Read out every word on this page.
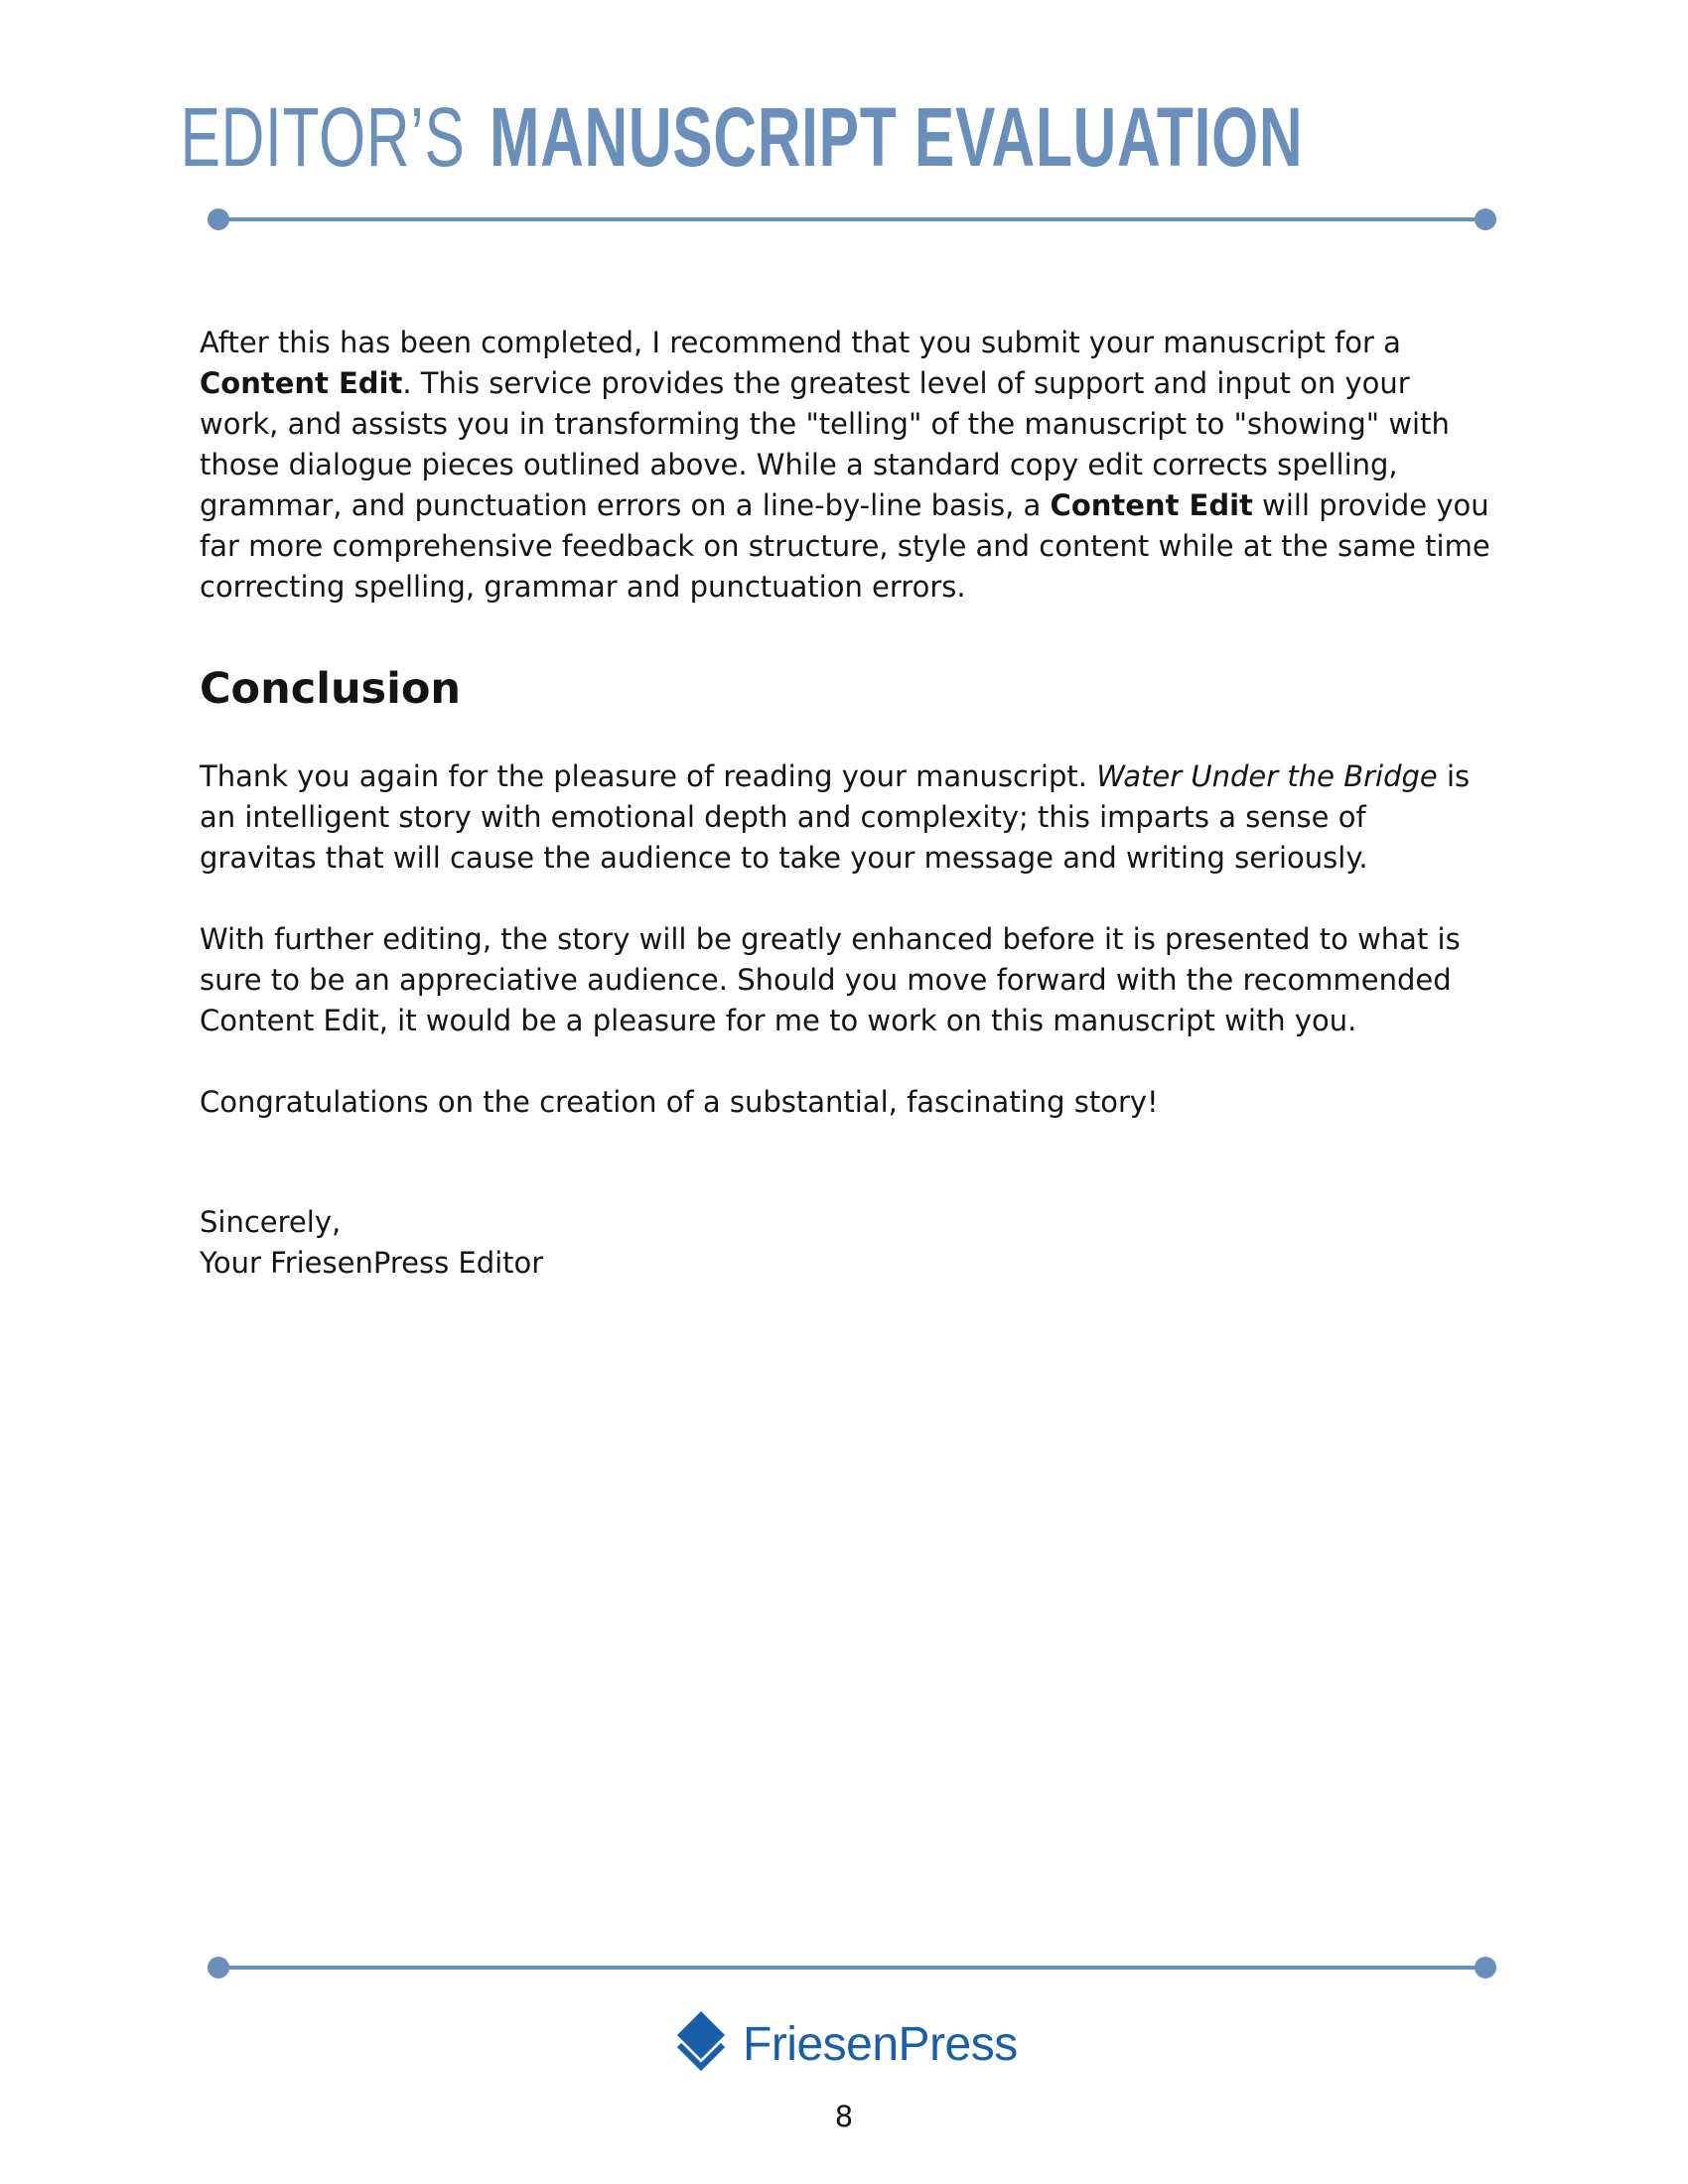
EDITOR’S MANUSCRIPT EVALUATION

After this has been completed, I recommend that you submit your manuscript for a Content Edit. This service provides the greatest level of support and input on your work, and assists you in transforming the "telling" of the manuscript to "showing" with those dialogue pieces outlined above. While a standard copy edit corrects spelling, grammar, and punctuation errors on a line-by-line basis, a Content Edit will provide you far more comprehensive feedback on structure, style and content while at the same time correcting spelling, grammar and punctuation errors.

Conclusion

Thank you again for the pleasure of reading your manuscript. Water Under the Bridge is an intelligent story with emotional depth and complexity; this imparts a sense of gravitas that will cause the audience to take your message and writing seriously.

With further editing, the story will be greatly enhanced before it is presented to what is sure to be an appreciative audience. Should you move forward with the recommended Content Edit, it would be a pleasure for me to work on this manuscript with you.

Congratulations on the creation of a substantial, fascinating story!

Sincerely,

Your FriesenPress Editor

FriesenPress
8
